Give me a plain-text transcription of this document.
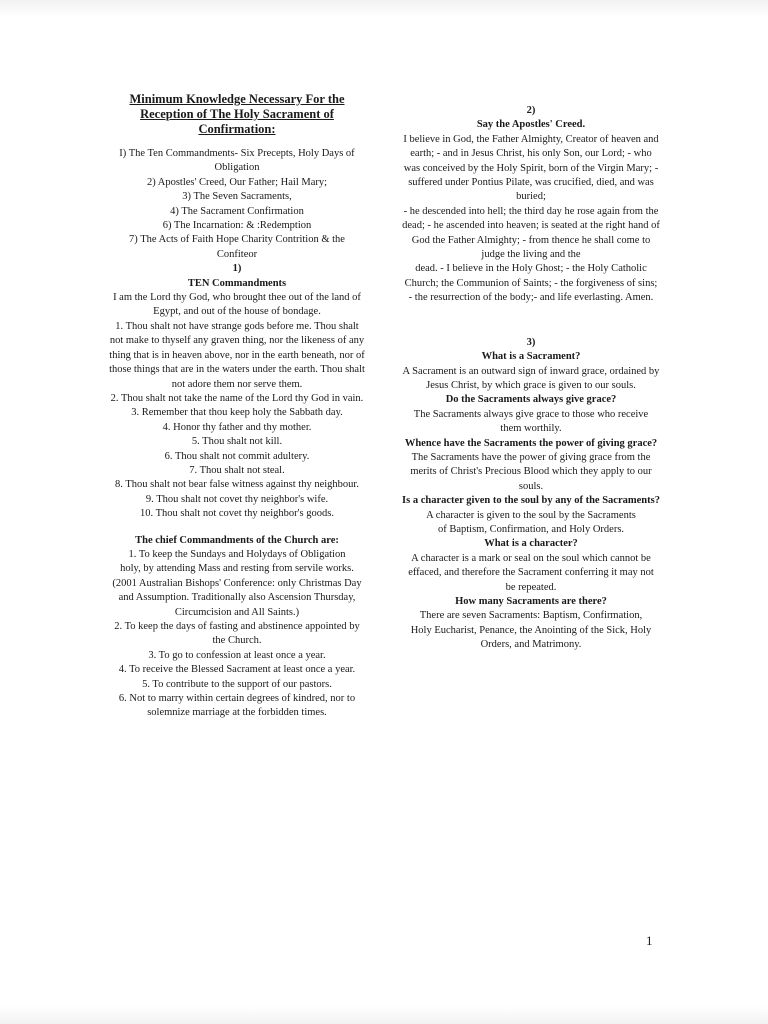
Minimum Knowledge Necessary For the Reception of The Holy Sacrament of Confirmation:

I) The Ten Commandments- Six Precepts, Holy Days of Obligation

2) Apostles' Creed, Our Father; Hail Mary;

3) The Seven Sacraments,

4) The Sacrament Confirmation

6) The Incarnation: & :Redemption

7) The Acts of Faith Hope Charity Contrition & the Confiteor

1)

TEN Commandments

I am the Lord thy God, who brought thee out of the land of Egypt, and out of the house of bondage.

1. Thou shalt not have strange gods before me. Thou shalt not make to thyself any graven thing, nor the likeness of any thing that is in heaven above, nor in the earth beneath, nor of those things that are in the waters under the earth. Thou shalt not adore them nor serve them.

2. Thou shalt not take the name of the Lord thy God in vain.

3. Remember that thou keep holy the Sabbath day.

4. Honor thy father and thy mother.

5. Thou shalt not kill.

6. Thou shalt not commit adultery.

7. Thou shalt not steal.

8. Thou shalt not bear false witness against thy neighbour.

9. Thou shalt not covet thy neighbor's wife.

10. Thou shalt not covet thy neighbor's goods.

The chief Commandments of the Church are:

1. To keep the Sundays and Holydays of Obligation

holy, by attending Mass and resting from servile works. (2001 Australian Bishops' Conference: only Christmas Day and Assumption. Traditionally also Ascension Thursday, Circumcision and All Saints.)

2. To keep the days of fasting and abstinence appointed by the Church.

3. To go to confession at least once a year.

4. To receive the Blessed Sacrament at least once a year.

5. To contribute to the support of our pastors.

6. Not to marry within certain degrees of kindred, nor to solemnize marriage at the forbidden times.

2)

Say the Apostles' Creed.

I believe in God, the Father Almighty, Creator of heaven and earth; - and in Jesus Christ, his only Son, our Lord; - who was conceived by the Holy Spirit, born of the Virgin Mary; - suffered under Pontius Pilate, was crucified, died, and was buried;

- he descended into hell; the third day he rose again from the dead; - he ascended into heaven; is seated at the right hand of God the Father Almighty; - from thence he shall come to judge the living and the

dead. - I believe in the Holy Ghost; - the Holy Catholic Church; the Communion of Saints; - the forgiveness of sins; - the resurrection of the body;- and life everlasting. Amen.

3)

What is a Sacrament?

A Sacrament is an outward sign of inward grace, ordained by Jesus Christ, by which grace is given to our souls.

Do the Sacraments always give grace?

The Sacraments always give grace to those who receive them worthily.

Whence have the Sacraments the power of giving grace?

The Sacraments have the power of giving grace from the merits of Christ's Precious Blood which they apply to our souls.

Is a character given to the soul by any of the Sacraments?

A character is given to the soul by the Sacraments

of Baptism, Confirmation, and Holy Orders.

What is a character?

A character is a mark or seal on the soul which cannot be effaced, and therefore the Sacrament conferring it may not be repeated.

How many Sacraments are there?

There are seven Sacraments: Baptism, Confirmation,

Holy Eucharist, Penance, the Anointing of the Sick, Holy Orders, and Matrimony.

1
